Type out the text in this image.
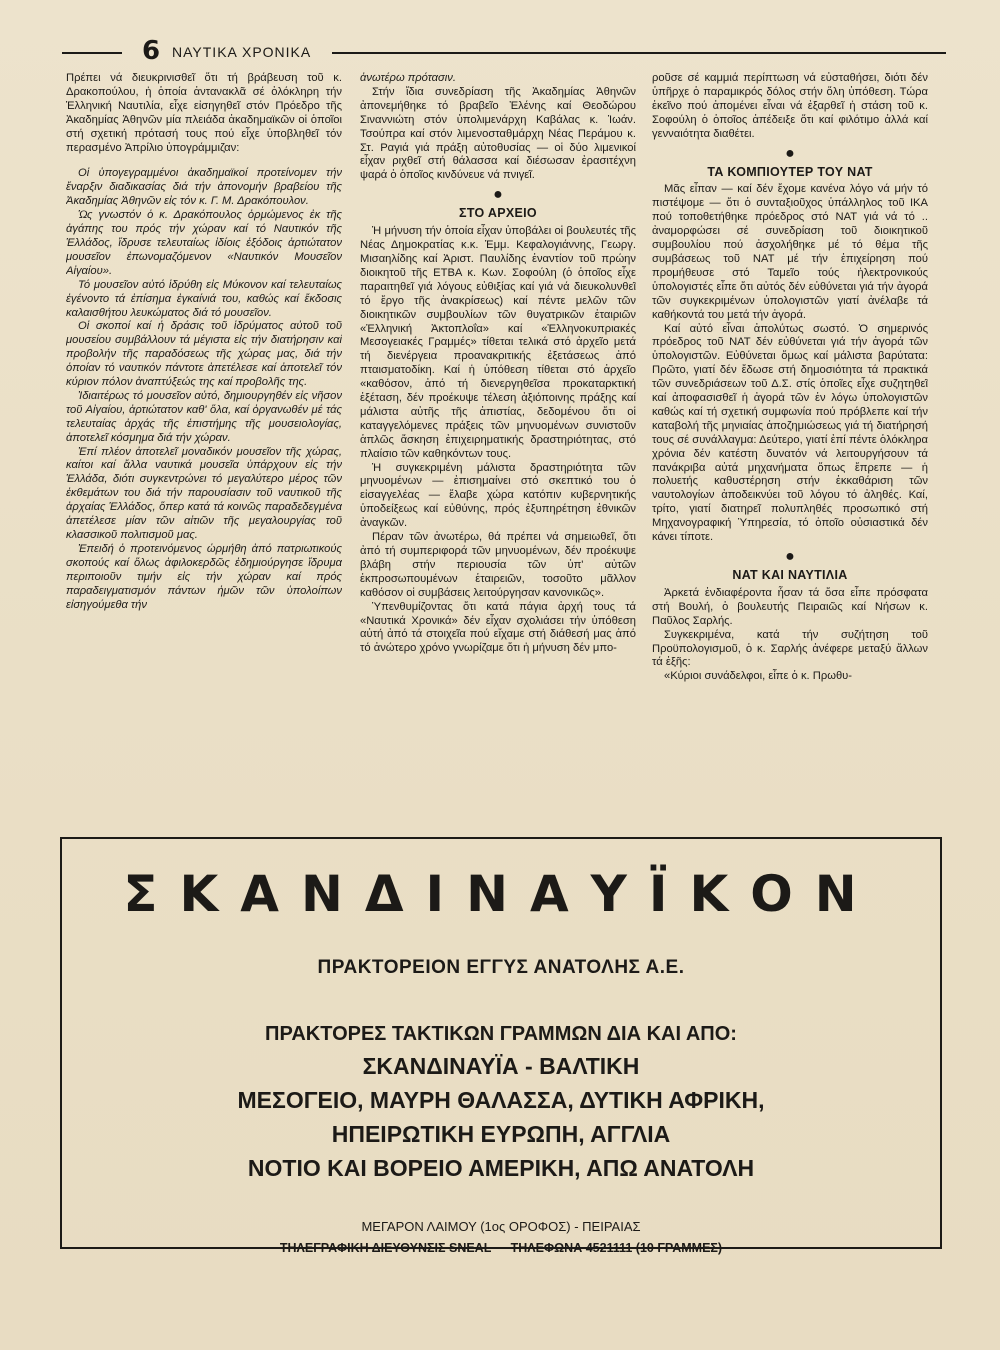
6 ΝΑΥΤΙΚΑ ΧΡΟΝΙΚΑ

Πρέπει νά διευκρινισθεῖ ὅτι τή βράβευση τοῦ κ. Δρακοπούλου, ἡ ὁποία ἀντανακλᾶ σέ ὁλόκληρη τήν Ἑλληνική Ναυτιλία, εἶχε εἰσηγηθεῖ στόν Πρόεδρο τῆς Ἀκαδημίας Ἀθηνῶν μία πλειάδα ἀκαδημαϊκῶν οἱ ὁποῖοι στή σχετική πρότασή τους πού εἶχε ὑποβληθεῖ τόν περασμένο Ἀπρίλιο ὑπογράμμιζαν:

Οἱ ὑπογεγραμμένοι ἀκαδημαϊκοί προτείνομεν τήν ἔναρξιν διαδικασίας διά τήν ἀπονομήν βραβείου τῆς Ἀκαδημίας Ἀθηνῶν εἰς τόν κ. Γ. Μ. Δρακόπουλον.

Ὡς γνωστόν ὁ κ. Δρακόπουλος ὁρμώμενος ἐκ τῆς ἀγάπης του πρός τήν χώραν καί τό Ναυτικόν τῆς Ἑλλάδος, ἵδρυσε τελευταίως ἰδίοις ἐξόδοις ἀρτιώτατον μουσεῖον ἐπωνομαζόμενον «Ναυτικόν Μουσεῖον Αἰγαίου».

Τό μουσεῖον αὐτό ἱδρύθη εἰς Μύκονον καί τελευταίως ἐγένοντο τά ἐπίσημα ἐγκαίνιά του, καθώς καί ἔκδοσις καλαισθήτου λευκώματος διά τό μουσεῖον.

Οἱ σκοποί καί ἡ δράσις τοῦ ἱδρύματος αὐτοῦ τοῦ μουσείου συμβάλλουν τά μέγιστα εἰς τήν διατήρησιν καί προβολήν τῆς παραδόσεως τῆς χώρας μας, διά τήν ὁποίαν τό ναυτικόν πάντοτε ἀπετέλεσε καί ἀποτελεῖ τόν κύριον πόλον ἀναπτύξεώς της καί προβολῆς της.

Ἰδιαιτέρως τό μουσεῖον αὐτό, δημιουργηθέν εἰς νῆσον τοῦ Αἰγαίου, ἀρτιώτατον καθ' ὅλα, καί ὀργανωθέν μέ τάς τελευταίας ἀρχάς τῆς ἐπιστήμης τῆς μουσειολογίας, ἀποτελεῖ κόσμημα διά τήν χώραν.

Ἐπί πλέον ἀποτελεῖ μοναδικόν μουσεῖον τῆς χώρας, καίτοι καί ἄλλα ναυτικά μουσεῖα ὑπάρχουν εἰς τήν Ἑλλάδα, διότι συγκεντρώνει τό μεγαλύτερο μέρος τῶν ἐκθεμάτων του διά τήν παρουσίασιν τοῦ ναυτικοῦ τῆς ἀρχαίας Ἑλλάδος, ὅπερ κατά τά κοινῶς παραδεδεγμένα ἀπετέλεσε μίαν τῶν αἰτιῶν τῆς μεγαλουργίας τοῦ κλασσικοῦ πολιτισμοῦ μας.

Ἐπειδή ὁ προτεινόμενος ὡρμήθη ἀπό πατριωτικούς σκοπούς καί ὅλως ἀφιλοκερδῶς ἐδημιούργησε ἵδρυμα περιποιοῦν τιμήν εἰς τήν χώραν καί πρός παραδειγματισμόν πάντων ἡμῶν τῶν ὑπολοίπων εἰσηγούμεθα τήν

ἀνωτέρω πρότασιν.

Στήν ἴδια συνεδρίαση τῆς Ἀκαδημίας Ἀθηνῶν ἀπονεμήθηκε τό βραβεῖο Ἑλένης καί Θεοδώρου Σιναννιώτη στόν ὑπολιμενάρχη Καβάλας κ. Ἰωάν. Τσούπρα καί στόν λιμενοσταθμάρχη Νέας Περάμου κ. Στ. Ραγιά γιά πράξη αὐτοθυσίας — οἱ δύο λιμενικοί εἶχαν ριχθεῖ στή θάλασσα καί διέσωσαν ἐρασιτέχνη ψαρά ὁ ὁποῖος κινδύνευε νά πνιγεῖ.

●
ΣΤΟ ΑΡΧΕΙΟ

Ἡ μήνυση τήν ὁποία εἶχαν ὑποβάλει οἱ βουλευτές τῆς Νέας Δημοκρατίας κ.κ. Ἐμμ. Κεφαλογιάννης, Γεωργ. Μισαηλίδης καί Ἀριστ. Παυλίδης ἐναντίον τοῦ πρώην διοικητοῦ τῆς ΕΤΒΑ κ. Κων. Σοφούλη (ὁ ὁποῖος εἶχε παραιτηθεῖ γιά λόγους εὐθιξίας καί γιά νά διευκολυνθεῖ τό ἔργο τῆς ἀνακρίσεως) καί πέντε μελῶν τῶν διοικητικῶν συμβουλίων τῶν θυγατρικῶν ἑταιριῶν «Ἑλληνική Ἀκτοπλοΐα» καί «Ἑλληνοκυπριακές Μεσογειακές Γραμμές» τίθεται τελικά στό ἀρχεῖο μετά τή διενέργεια προανακριτικής ἐξετάσεως ἀπό πταισματοδίκη. Καί ἡ ὑπόθεση τίθεται στό ἀρχεῖο «καθόσον, ἀπό τή διενεργηθεῖσα προκαταρκτική ἐξέταση, δέν προέκυψε τέλεση ἀξιόποινης πράξης καί μάλιστα αὐτῆς τῆς ἀπιστίας, δεδομένου ὅτι οἱ καταγγελόμενες πράξεις τῶν μηνυομένων συνιστοῦν ἁπλῶς ἄσκηση ἐπιχειρηματικής δραστηριότητας, στό πλαίσιο τῶν καθηκόντων τους.

Ἡ συγκεκριμένη μάλιστα δραστηριότητα τῶν μηνυομένων — ἐπισημαίνει στό σκεπτικό του ὁ εἰσαγγελέας — ἔλαβε χώρα κατόπιν κυβερνητικής ὑποδείξεως καί εὐθύνης, πρός ἐξυπηρέτηση ἐθνικῶν ἀναγκῶν.

Πέραν τῶν ἀνωτέρω, θά πρέπει νά σημειωθεῖ, ὅτι ἀπό τή συμπεριφορά τῶν μηνυομένων, δέν προέκυψε βλάβη στήν περιουσία τῶν ὑπ' αὐτῶν ἐκπροσωπουμένων ἑταιρειῶν, τοσοῦτο μᾶλλον καθόσον οἱ συμβάσεις λειτούργησαν κανονικῶς».

Ὑπενθυμίζοντας ὅτι κατά πάγια ἀρχή τους τά «Ναυτικά Χρονικά» δέν εἶχαν σχολιάσει τήν ὑπόθεση αὐτή ἀπό τά στοιχεῖα πού εἴχαμε στή διάθεσή μας ἀπό τό ἀνώτερο χρόνο γνωρίζαμε ὅτι ἡ μήνυση δέν μπο-

ροῦσε σέ καμμιά περίπτωση νά εὐσταθήσει, διότι δέν ὑπῆρχε ὁ παραμικρός δόλος στήν ὅλη ὑπόθεση. Τώρα ἐκεῖνο πού ἀπομένει εἶναι νά ἐξαρθεῖ ἡ στάση τοῦ κ. Σοφούλη ὁ ὁποῖος ἀπέδειξε ὅτι καί φιλότιμο ἀλλά καί γενναιότητα διαθέτει.

●
ΤΑ ΚΟΜΠΙΟΥΤΕΡ ΤΟΥ ΝΑΤ

Μᾶς εἶπαν — καί δέν ἔχομε κανένα λόγο νά μήν τό πιστέψομε — ὅτι ὁ συνταξιοῦχος ὑπάλληλος τοῦ ΙΚΑ πού τοποθετήθηκε πρόεδρος στό ΝΑΤ γιά νά τό .. ἀναμορφώσει σέ συνεδρίαση τοῦ διοικητικοῦ συμβουλίου πού ἀσχολήθηκε μέ τό θέμα τῆς συμβάσεως τοῦ ΝΑΤ μέ τήν ἐπιχείρηση πού προμήθευσε στό Ταμεῖο τούς ἠλεκτρονικούς ὑπολογιστές εἶπε ὅτι αὐτός δέν εὐθύνεται γιά τήν ἀγορά τῶν συγκεκριμένων ὑπολογιστῶν γιατί ἀνέλαβε τά καθήκοντά του μετά τήν ἀγορά.

Καί αὐτό εἶναι ἀπολύτως σωστό. Ὁ σημερινός πρόεδρος τοῦ ΝΑΤ δέν εὐθύνεται γιά τήν ἀγορά τῶν ὑπολογιστῶν. Εὐθύνεται ὅμως καί μάλιστα βαρύτατα: Πρῶτο, γιατί δέν ἔδωσε στή δημοσιότητα τά πρακτικά τῶν συνεδριάσεων τοῦ Δ.Σ. στίς ὁποῖες εἶχε συζητηθεῖ καί ἀποφασισθεῖ ἡ ἀγορά τῶν ἐν λόγω ὑπολογιστῶν καθώς καί τή σχετική συμφωνία πού πρόβλεπε καί τήν καταβολή τῆς μηνιαίας ἀποζημιώσεως γιά τή διατήρησή τους σέ συνάλλαγμα: Δεύτερο, γιατί ἐπί πέντε ὁλόκληρα χρόνια δέν κατέστη δυνατόν νά λειτουργήσουν τά πανάκριβα αὐτά μηχανήματα ὅπως ἔπρεπε — ἡ πολυετής καθυστέρηση στήν ἐκκαθάριση τῶν ναυτολογίων ἀποδεικνύει τοῦ λόγου τό ἀληθές. Καί, τρίτο, γιατί διατηρεῖ πολυπληθές προσωπικό στή Μηχανογραφική Ὑπηρεσία, τό ὁποῖο οὐσιαστικά δέν κάνει τίποτε.

●
ΝΑΤ ΚΑΙ ΝΑΥΤΙΛΙΑ

Ἀρκετά ἐνδιαφέροντα ἦσαν τά ὅσα εἶπε πρόσφατα στή Βουλή, ὁ βουλευτής Πειραιῶς καί Νήσων κ. Παῦλος Σαρλής.

Συγκεκριμένα, κατά τήν συζήτηση τοῦ Προϋπολογισμοῦ, ὁ κ. Σαρλής ἀνέφερε μεταξύ ἄλλων τά ἑξῆς:

«Κύριοι συνάδελφοι, εἶπε ὁ κ. Πρωθυ-

ΣΚΑΝΔΙΝΑΥΪΚΟΝ
ΠΡΑΚΤΟΡΕΙΟΝ ΕΓΓΥΣ ΑΝΑΤΟΛΗΣ Α.Ε.
ΠΡΑΚΤΟΡΕΣ ΤΑΚΤΙΚΩΝ ΓΡΑΜΜΩΝ ΔΙΑ ΚΑΙ ΑΠΟ:
ΣΚΑΝΔΙΝΑΥΪΑ - ΒΑΛΤΙΚΗ
ΜΕΣΟΓΕΙΟ, ΜΑΥΡΗ ΘΑΛΑΣΣΑ, ΔΥΤΙΚΗ ΑΦΡΙΚΗ,
ΗΠΕΙΡΩΤΙΚΗ ΕΥΡΩΠΗ, ΑΓΓΛΙΑ
ΝΟΤΙΟ ΚΑΙ ΒΟΡΕΙΟ ΑΜΕΡΙΚΗ, ΑΠΩ ΑΝΑΤΟΛΗ
ΜΕΓΑΡΟΝ ΛΑΙΜΟΥ (1ος ΟΡΟΦΟΣ) - ΠΕΙΡΑΙΑΣ
ΤΗΛΕΓΡΑΦΙΚΗ ΔΙΕΥΘΥΝΣΙΣ SNEAL — ΤΗΛΕΦΩΝΑ 4521111 (10 ΓΡΑΜΜΕΣ)
